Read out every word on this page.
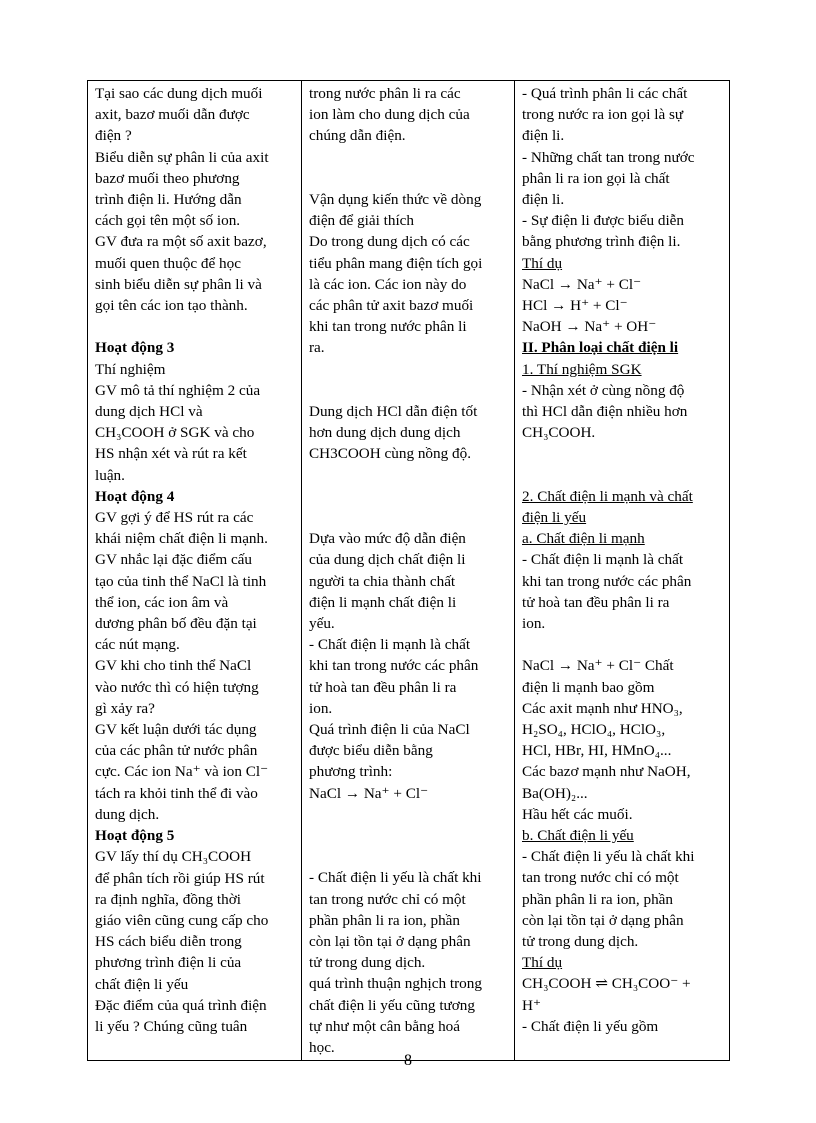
Tại sao các dung dịch muối
axit, bazơ muối dẫn được
điện ?
Biểu diễn sự phân li của axit
bazơ muối theo phương
trình điện li. Hướng dẫn
cách gọi tên một số ion.
GV đưa ra một số axit bazơ,
muối quen thuộc để học
sinh biểu diễn sự phân li và
gọi tên các ion tạo thành.
Hoạt động 3
Thí nghiệm
GV mô tả thí nghiệm 2 của
dung dịch HCl và
CH₃COOH ở SGK và cho
HS nhận xét và rút ra kết
luận.
Hoạt động 4
GV gợi ý để HS rút ra các
khái niệm chất điện li mạnh.
GV nhắc lại đặc điểm cấu
tạo của tinh thể NaCl là tinh
thể ion, các ion âm và
dương phân bố đều đặn tại
các nút mạng.
GV khi cho tinh thể NaCl
vào nước thì có hiện tượng
gì xảy ra?
GV kết luận dưới tác dụng
của các phân tử nước phân
cực. Các ion Na⁺ và ion Cl⁻
tách ra khỏi tinh thể đi vào
dung dịch.
Hoạt động 5
GV lấy thí dụ CH₃COOH
để phân tích rồi giúp HS rút
ra định nghĩa, đồng thời
giáo viên cũng cung cấp cho
HS cách biểu diễn trong
phương trình điện li của
chất điện li yếu
Đặc điểm của quá trình điện
li yếu ? Chúng cũng tuân

trong nước phân li ra các
ion làm cho dung dịch của
chúng dẫn điện.
Vận dụng kiến thức về dòng
điện để giải thích
Do trong dung dịch có các
tiểu phân mang điện tích gọi
là các ion. Các ion này do
các phân tử axit bazơ muối
khi tan trong nước phân li
ra.
Dung dịch HCl dẫn điện tốt
hơn dung dịch dung dịch
CH3COOH cùng nồng độ.
Dựa vào mức độ dẫn điện
của dung dịch chất điện li
người ta chia thành chất
điện li mạnh chất điện li
yếu.
- Chất điện li mạnh là chất
khi tan trong nước các phân
tử hoà tan đều phân li ra
ion.
Quá trình điện li của NaCl
được biểu diễn bằng
phương trình:
NaCl → Na⁺ + Cl⁻
- Chất điện li yếu là chất khi
tan trong nước chỉ có một
phần phân li ra ion, phần
còn lại tồn tại ở dạng phân
tử trong dung dịch.
quá trình thuận nghịch trong
chất điện li yếu cũng tương
tự như một cân bằng hoá
học.

- Quá trình phân li các chất
trong nước ra ion gọi là sự
điện li.
- Những chất tan trong nước
phân li ra ion gọi là chất
điện li.
- Sự điện li được biểu diễn
bằng phương trình điện li.
Thí dụ
NaCl → Na⁺ + Cl⁻
HCl → H⁺ + Cl⁻
NaOH → Na⁺ + OH⁻
II. Phân loại chất điện li
1. Thí nghiệm SGK
- Nhận xét ở cùng nồng độ
thì HCl dẫn điện nhiều hơn
CH₃COOH.
2. Chất điện li mạnh và chất
điện li yếu
a. Chất điện li mạnh
- Chất điện li mạnh là chất
khi tan trong nước các phân
tử hoà tan đều phân li ra
ion.
NaCl → Na⁺ + Cl⁻ Chất
điện li mạnh bao gồm
Các axit mạnh như HNO₃,
H₂SO₄, HClO₄, HClO₃,
HCl, HBr, HI, HMnO₄...
Các bazơ mạnh như NaOH,
Ba(OH)₂...
Hầu hết các muối.
b. Chất điện li yếu
- Chất điện li yếu là chất khi
tan trong nước chỉ có một
phần phân li ra ion, phần
còn lại tồn tại ở dạng phân
tử trong dung dịch.
Thí dụ
CH₃COOH ⇌ CH₃COO⁻ +
H⁺
- Chất điện li yếu gồm
8
